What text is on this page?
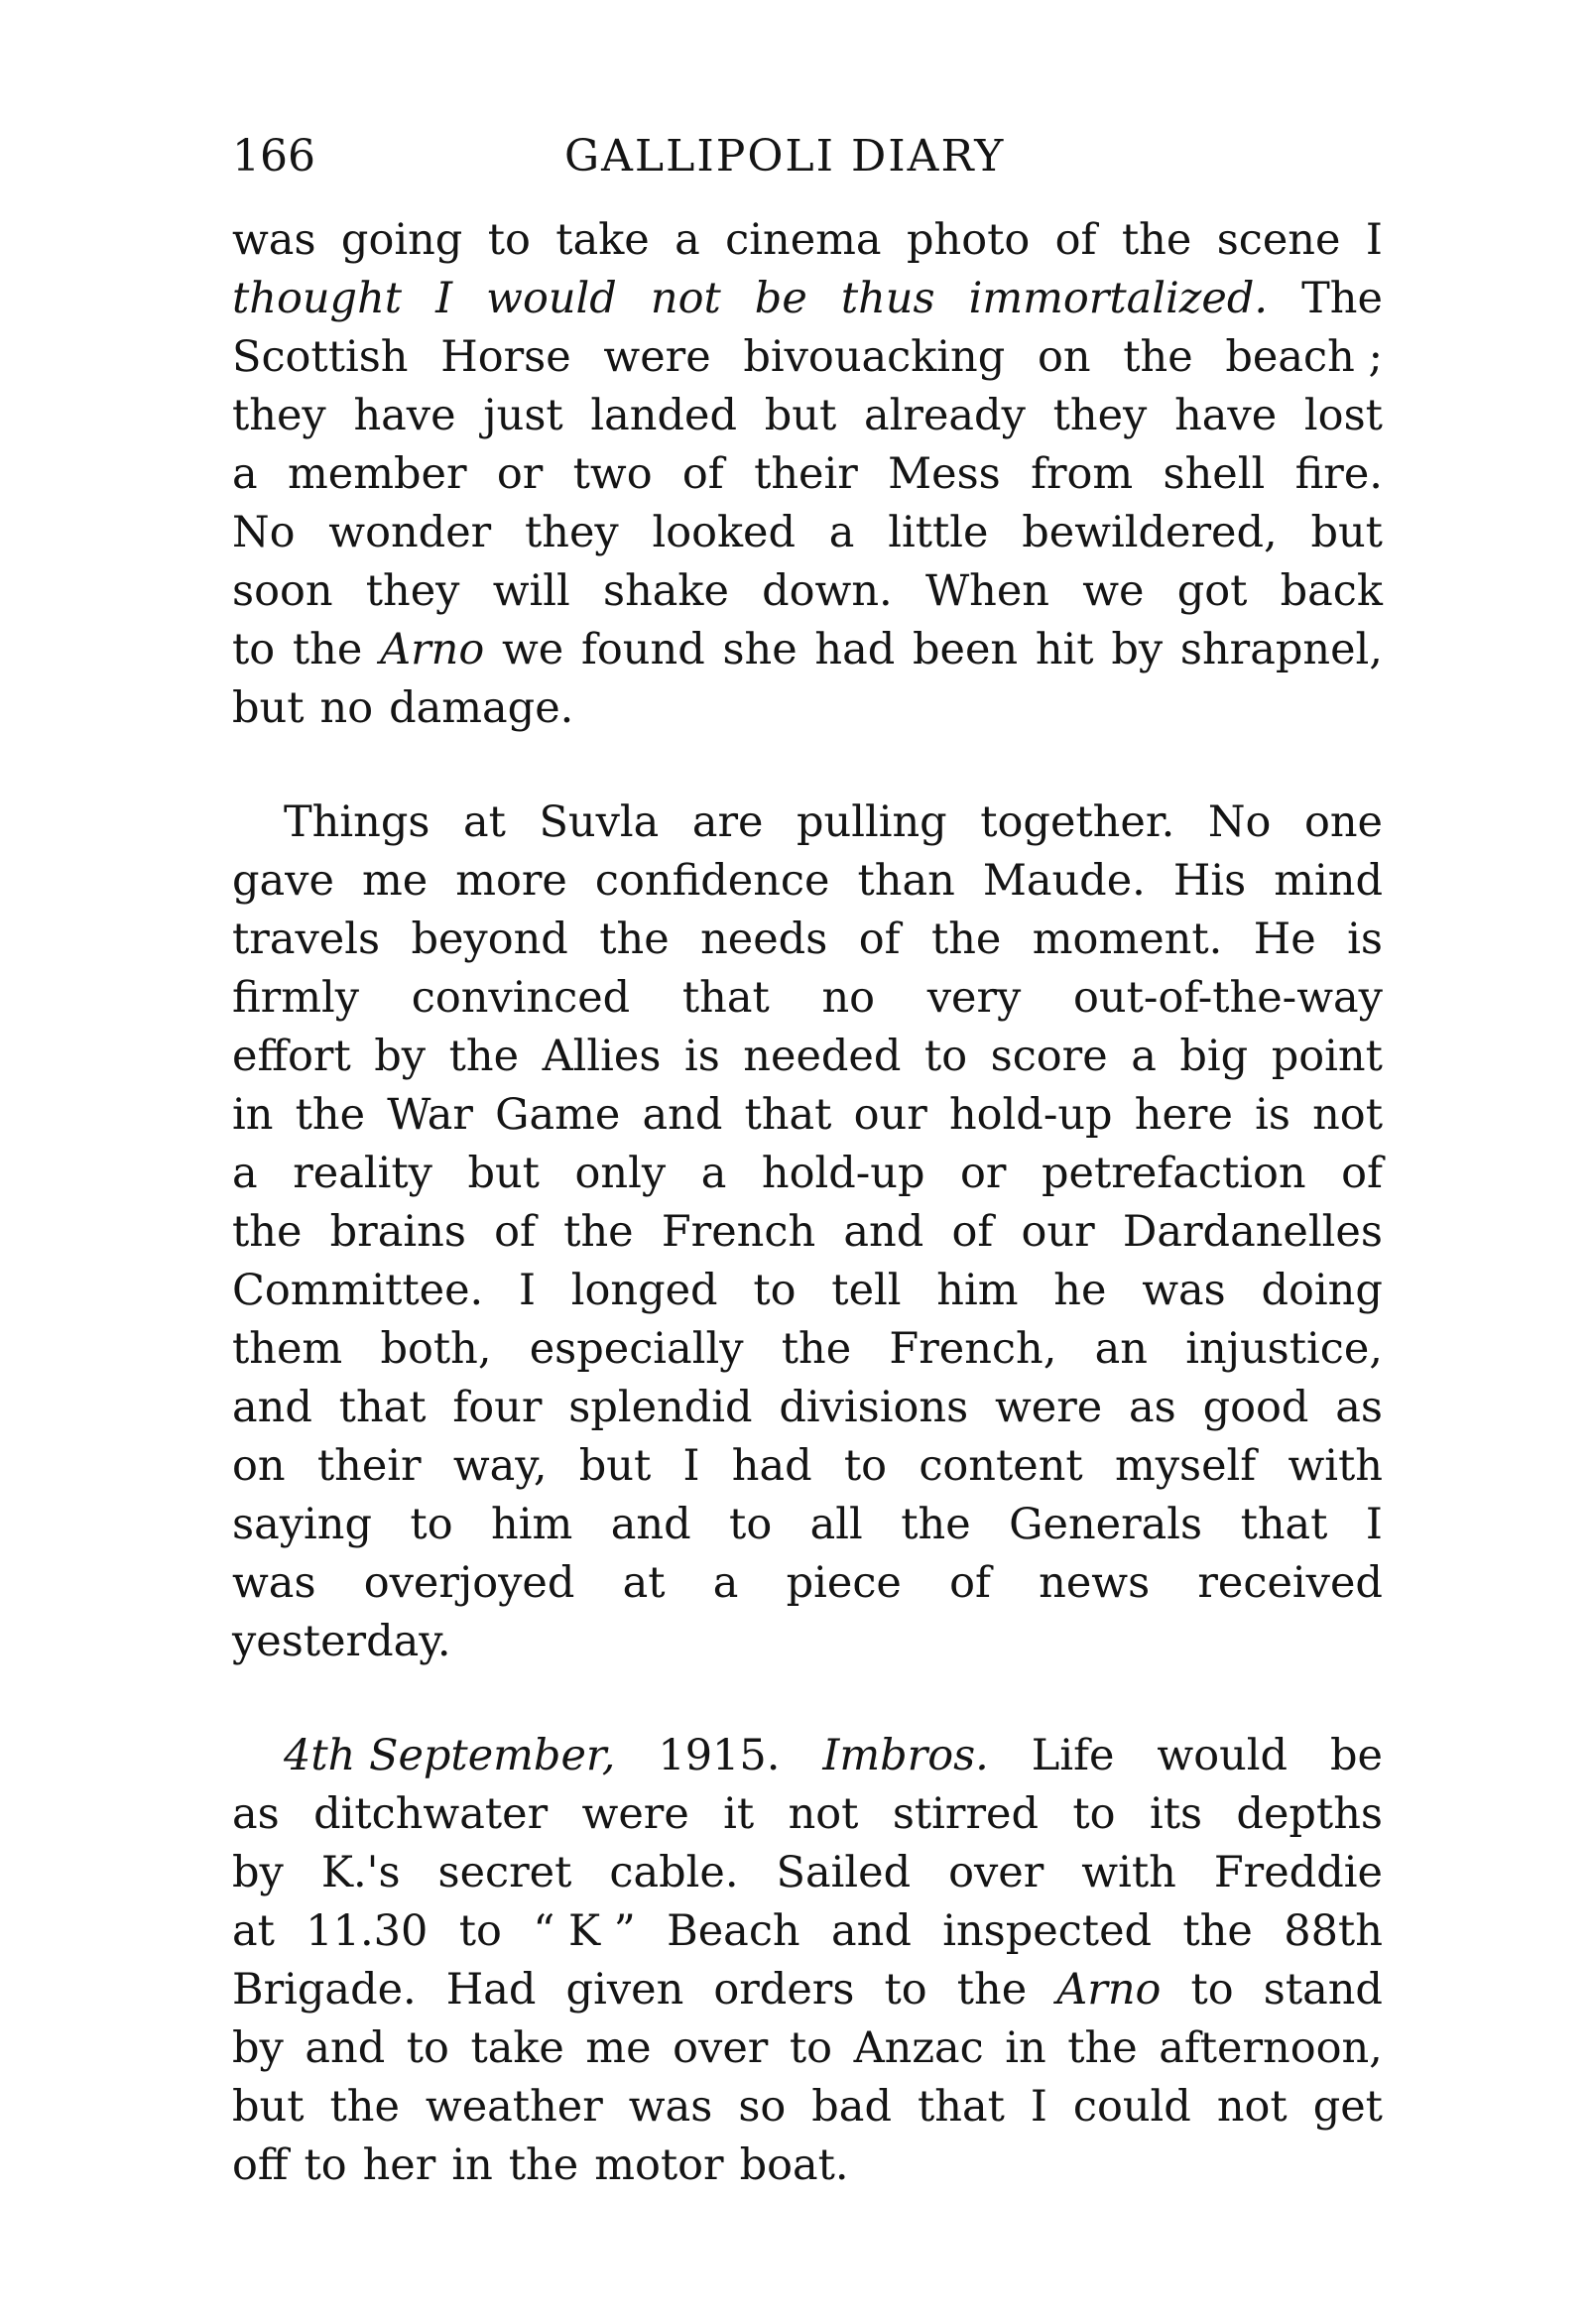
166	GALLIPOLI DIARY
was going to take a cinema photo of the scene I
thought I would not be thus immortalized. The
Scottish Horse were bivouacking on the beach ;
they have just landed but already they have lost
a member or two of their Mess from shell fire.
No wonder they looked a little bewildered, but
soon they will shake down. When we got back
to the Arno we found she had been hit by shrapnel,
but no damage.
Things at Suvla are pulling together. No one
gave me more confidence than Maude. His mind
travels beyond the needs of the moment. He is
firmly convinced that no very out-of-the-way
effort by the Allies is needed to score a big point
in the War Game and that our hold-up here is not
a reality but only a hold-up or petrefaction of
the brains of the French and of our Dardanelles
Committee. I longed to tell him he was doing
them both, especially the French, an injustice,
and that four splendid divisions were as good as
on their way, but I had to content myself with
saying to him and to all the Generals that I
was overjoyed at a piece of news received
yesterday.
4th September, 1915. Imbros. Life would be
as ditchwater were it not stirred to its depths
by K.'s secret cable. Sailed over with Freddie
at 11.30 to “ K ” Beach and inspected the 88th
Brigade. Had given orders to the Arno to stand
by and to take me over to Anzac in the afternoon,
but the weather was so bad that I could not get
off to her in the motor boat.
